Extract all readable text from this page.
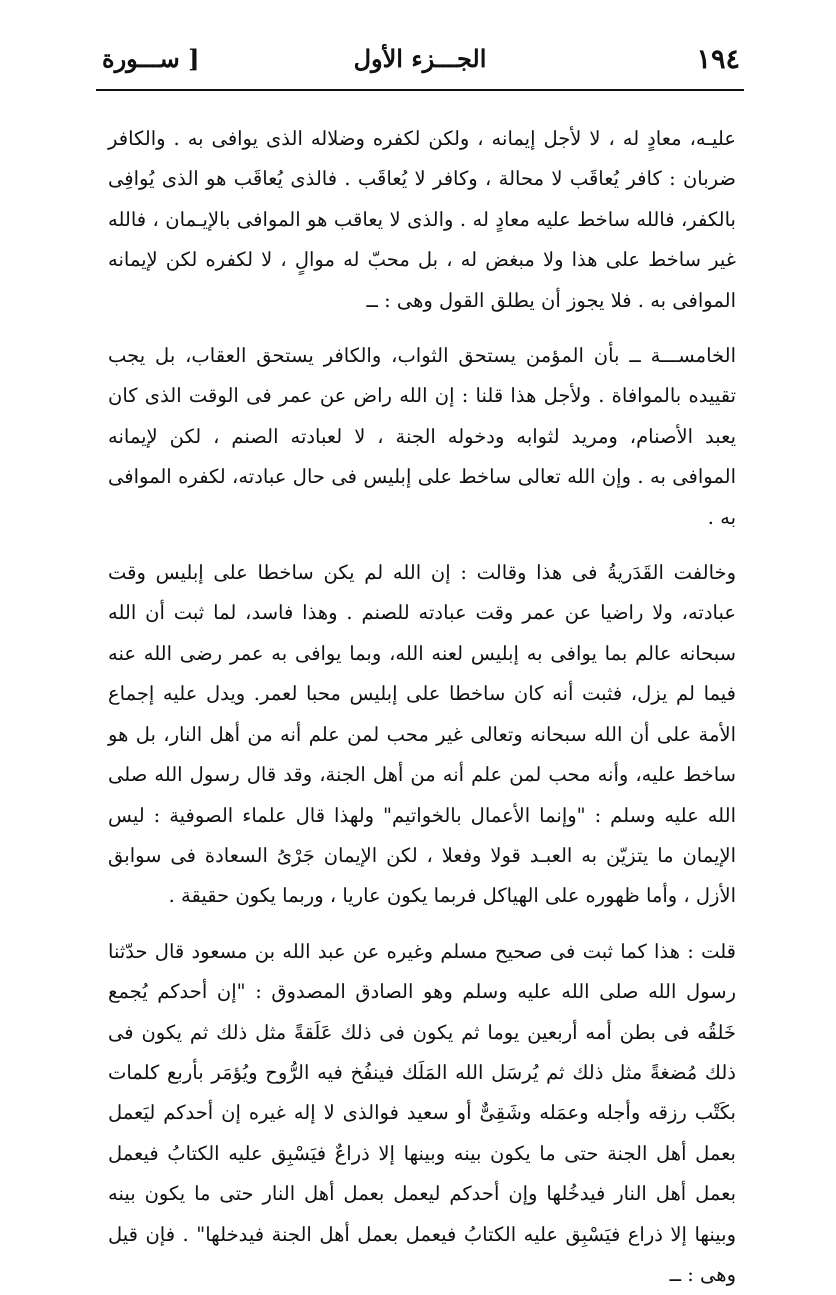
١٩٤
الجـــزء الأول
[ ســـورة

عليـه، معادٍ له ، لا لأجل إيمانه ، ولكن لكفره وضلاله الذى يوافى به . والكافر ضربان : كافر يُعاقَب لا محالة ، وكافر لا يُعاقَب . فالذى يُعاقَب هو الذى يُوافِى بالكفر، فالله ساخط عليه معادٍ له . والذى لا يعاقب هو الموافى بالإيـمان ، فالله غير ساخط على هذا ولا مبغض له ، بل محبّ له موالٍ ، لا لكفره لكن لإيمانه الموافى به . فلا يجوز أن يطلق القول وهى : ــ

الخامســـة ــ بأن المؤمن يستحق الثواب، والكافر يستحق العقاب، بل يجب تقييده بالموافاة . ولأجل هذا قلنا : إن الله راض عن عمر فى الوقت الذى كان يعبد الأصنام، ومريد لثوابه ودخوله الجنة ، لا لعبادته الصنم ، لكن لإيمانه الموافى به . وإن الله تعالى ساخط على إبليس فى حال عبادته، لكفره الموافى به .

وخالفت القَدَريةُ فى هذا وقالت : إن الله لم يكن ساخطا على إبليس وقت عبادته، ولا راضيا عن عمر وقت عبادته للصنم . وهذا فاسد، لما ثبت أن الله سبحانه عالم بما يوافى به إبليس لعنه الله، وبما يوافى به عمر رضى الله عنه فيما لم يزل، فثبت أنه كان ساخطا على إبليس محبا لعمر. ويدل عليه إجماع الأمة على أن الله سبحانه وتعالى غير محب لمن علم أنه من أهل النار، بل هو ساخط عليه، وأنه محب لمن علم أنه من أهل الجنة، وقد قال رسول الله صلى الله عليه وسلم : "وإنما الأعمال بالخواتيم" ولهذا قال علماء الصوفية : ليس الإيمان ما يتزيّن به العبـد قولا وفعلا ، لكن الإيمان جَرْىُ السعادة فى سوابق الأزل ، وأما ظهوره على الهياكل فربما يكون عاريا ، وربما يكون حقيقة .

قلت : هذا كما ثبت فى صحيح مسلم وغيره عن عبد الله بن مسعود قال حدّثنا رسول الله صلى الله عليه وسلم وهو الصادق المصدوق : "إن أحدكم يُجمع خَلقُه فى بطن أمه أربعين يوما ثم يكون فى ذلك عَلَقةً مثل ذلك ثم يكون فى ذلك مُضغةً مثل ذلك ثم يُرسَل الله المَلَك فينفُخ فيه الرُّوح ويُؤمَر بأربع كلمات بكَتْب رزقه وأجله وعمَله وشَقِىٌّ أو سعيد فوالذى لا إله غيره إن أحدكم ليَعمل بعمل أهل الجنة حتى ما يكون بينه وبينها إلا ذراعٌ فيَسْبِق عليه الكتابُ فيعمل بعمل أهل النار فيدخُلها وإن أحدكم ليعمل بعمل أهل النار حتى ما يكون بينه وبينها إلا ذراع فيَسْبِق عليه الكتابُ فيعمل بعمل أهل الجنة فيدخلها" . فإن قيل وهى : ــ
